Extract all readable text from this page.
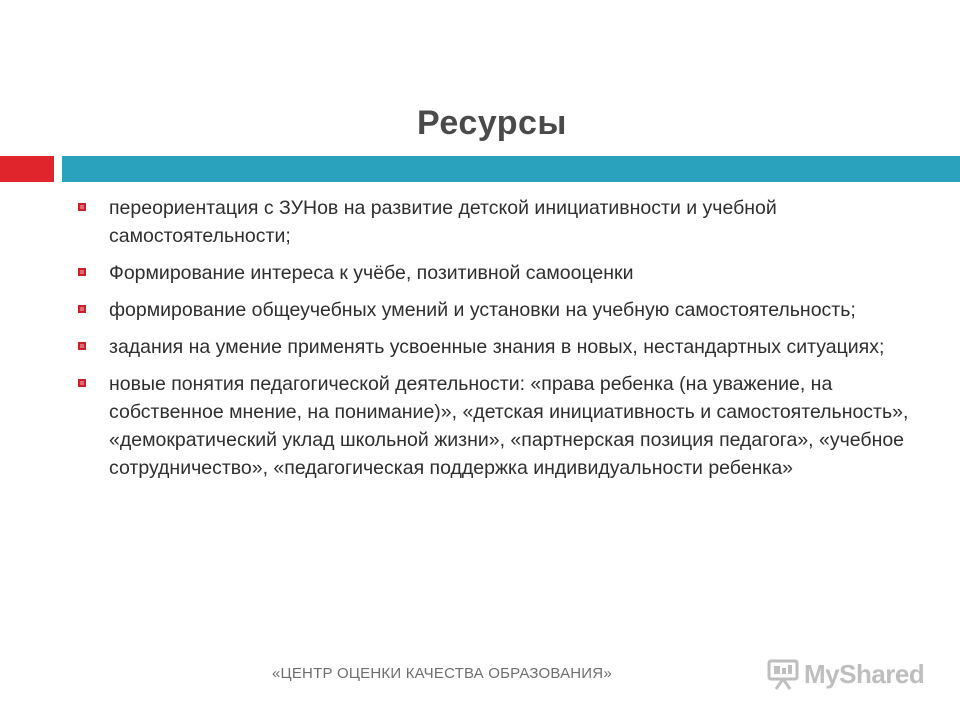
Ресурсы
переориентация с ЗУНов на развитие детской инициативности и учебной самостоятельности;
Формирование интереса к учёбе, позитивной самооценки
формирование общеучебных умений и установки на учебную самостоятельность;
задания на умение применять усвоенные знания в новых, нестандартных ситуациях;
новые понятия педагогической деятельности: «права ребенка (на уважение, на собственное мнение, на понимание)», «детская инициативность и самостоятельность», «демократический уклад школьной жизни», «партнерская позиция педагога», «учебное сотрудничество», «педагогическая поддержка индивидуальности ребенка»
«ЦЕНТР ОЦЕНКИ КАЧЕСТВА ОБРАЗОВАНИЯ»	MyShared
